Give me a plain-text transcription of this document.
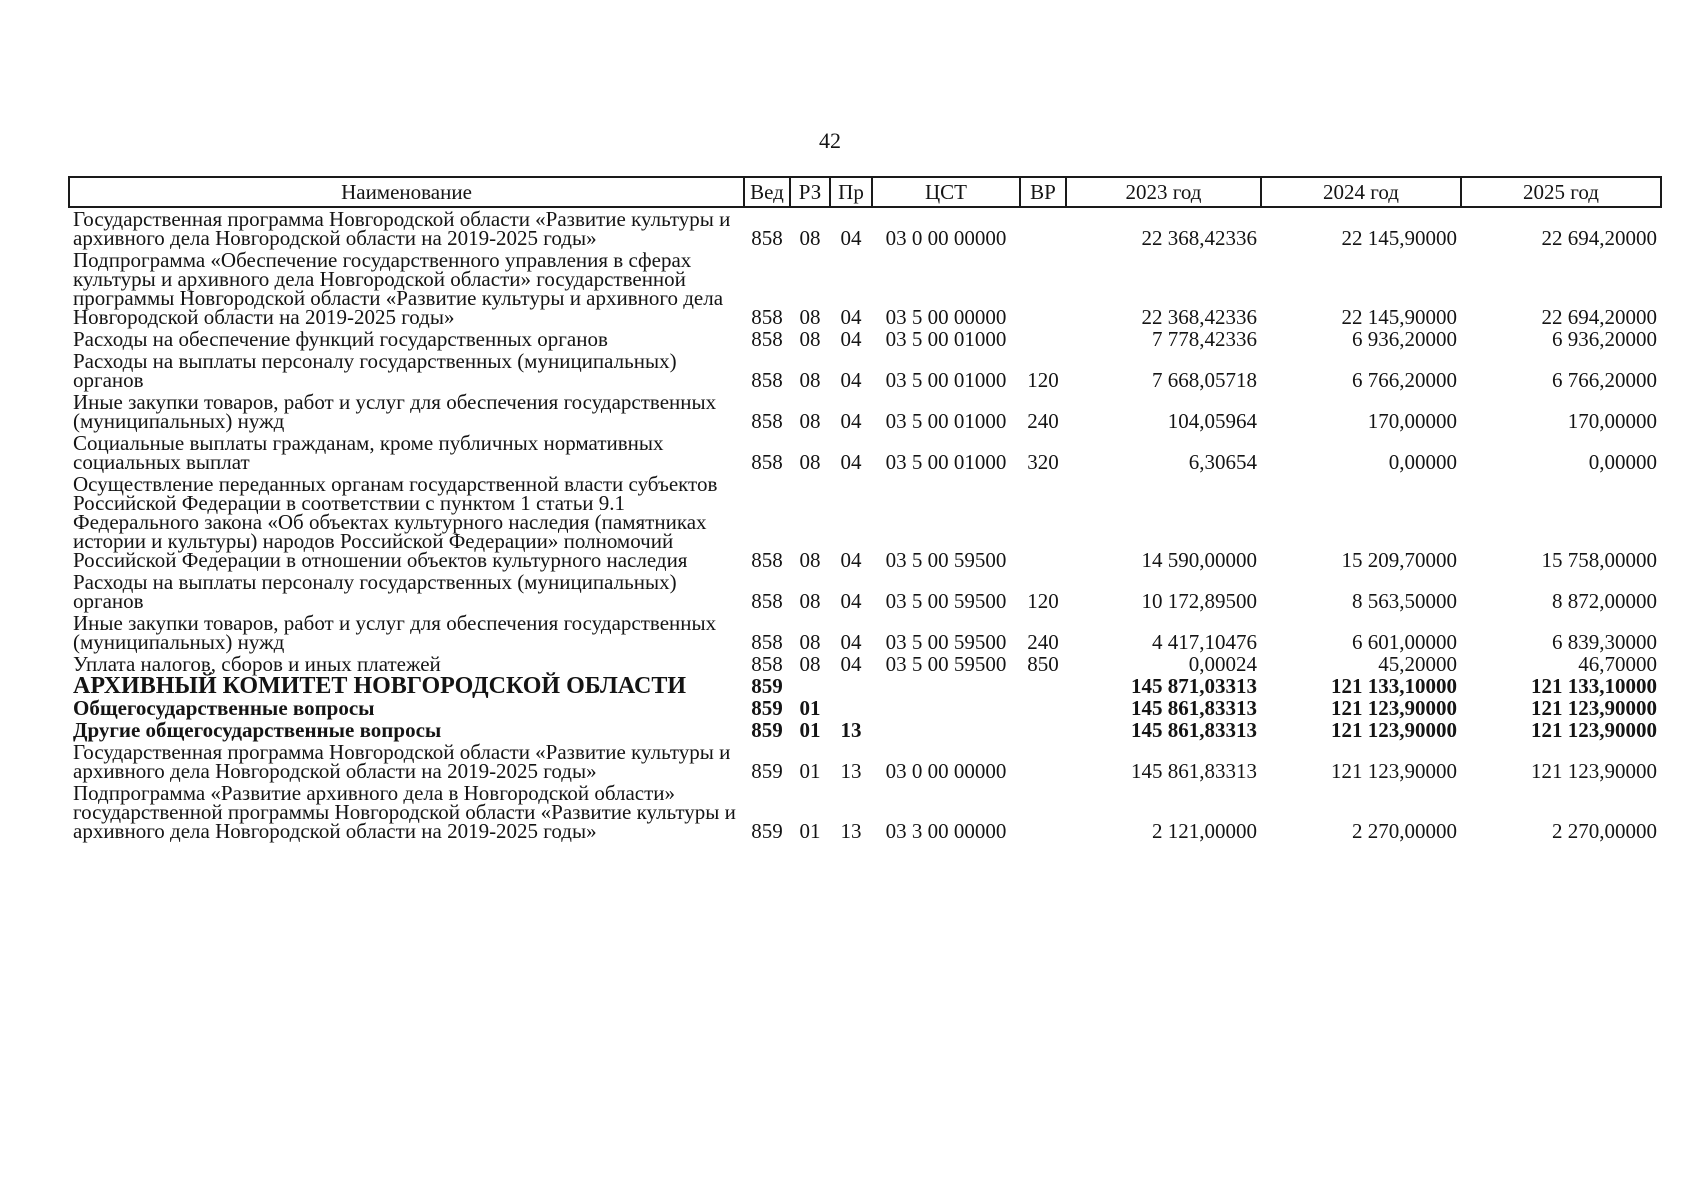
42
Наименование	Вед	РЗ	Пр	ЦСТ	ВР	2023 год	2024 год	2025 год
Государственная программа Новгородской области «Развитие культуры и архивного дела Новгородской области на 2019-2025 годы»	858	08	04	03 0 00 00000		22 368,42336	22 145,90000	22 694,20000
Подпрограмма «Обеспечение государственного управления в сферах культуры и архивного дела Новгородской области» государственной программы Новгородской области «Развитие культуры и архивного дела Новгородской области на 2019-2025 годы»	858	08	04	03 5 00 00000		22 368,42336	22 145,90000	22 694,20000
Расходы на обеспечение функций государственных органов	858	08	04	03 5 00 01000		7 778,42336	6 936,20000	6 936,20000
Расходы на выплаты персоналу государственных (муниципальных) органов	858	08	04	03 5 00 01000	120	7 668,05718	6 766,20000	6 766,20000
Иные закупки товаров, работ и услуг для обеспечения государственных (муниципальных) нужд	858	08	04	03 5 00 01000	240	104,05964	170,00000	170,00000
Социальные выплаты гражданам, кроме публичных нормативных социальных выплат	858	08	04	03 5 00 01000	320	6,30654	0,00000	0,00000
Осуществление переданных органам государственной власти субъектов Российской Федерации в соответствии с пунктом 1 статьи 9.1 Федерального закона «Об объектах культурного наследия (памятниках истории и культуры) народов Российской Федерации» полномочий Российской Федерации в отношении объектов культурного наследия	858	08	04	03 5 00 59500		14 590,00000	15 209,70000	15 758,00000
Расходы на выплаты персоналу государственных (муниципальных) органов	858	08	04	03 5 00 59500	120	10 172,89500	8 563,50000	8 872,00000
Иные закупки товаров, работ и услуг для обеспечения государственных (муниципальных) нужд	858	08	04	03 5 00 59500	240	4 417,10476	6 601,00000	6 839,30000
Уплата налогов, сборов и иных платежей	858	08	04	03 5 00 59500	850	0,00024	45,20000	46,70000
АРХИВНЫЙ КОМИТЕТ НОВГОРОДСКОЙ ОБЛАСТИ	859					145 871,03313	121 133,10000	121 133,10000
Общегосударственные вопросы	859	01				145 861,83313	121 123,90000	121 123,90000
Другие общегосударственные вопросы	859	01	13			145 861,83313	121 123,90000	121 123,90000
Государственная программа Новгородской области «Развитие культуры и архивного дела Новгородской области на 2019-2025 годы»	859	01	13	03 0 00 00000		145 861,83313	121 123,90000	121 123,90000
Подпрограмма «Развитие архивного дела в Новгородской области» государственной программы Новгородской области «Развитие культуры и архивного дела Новгородской области на 2019-2025 годы»	859	01	13	03 3 00 00000		2 121,00000	2 270,00000	2 270,00000
